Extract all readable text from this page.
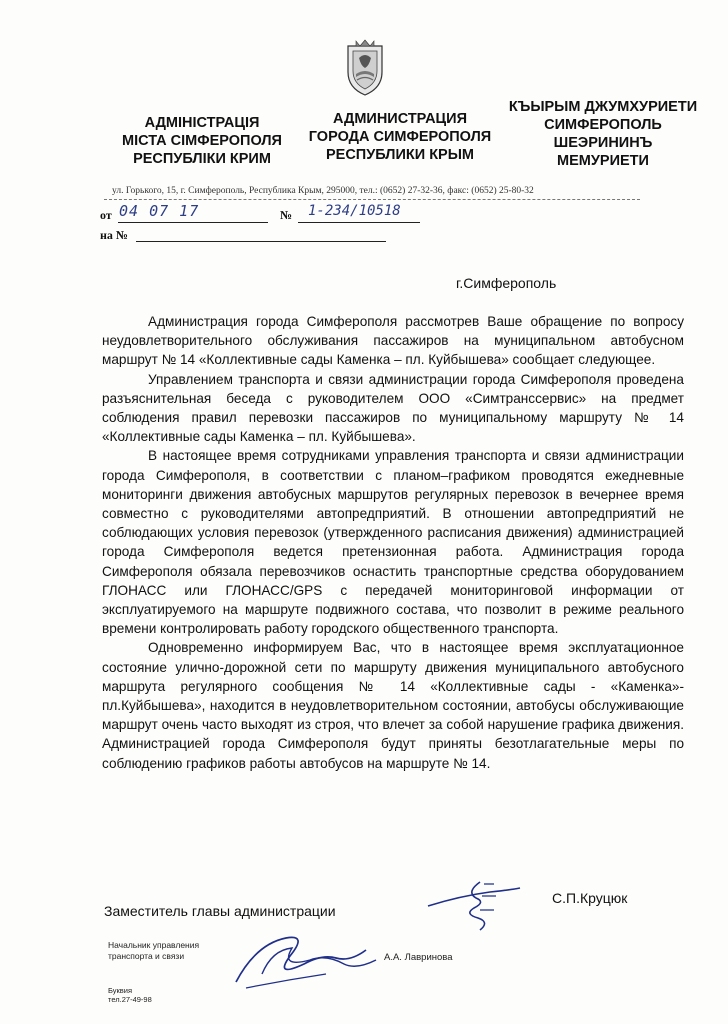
АДМІНІСТРАЦІЯ
МІСТА СІМФЕРОПОЛЯ
РЕСПУБЛІКИ КРИМ
АДМИНИСТРАЦИЯ
ГОРОДА СИМФЕРОПОЛЯ
РЕСПУБЛИКИ КРЫМ
КЪЫРЫМ ДЖУМХУРИЕТИ
СИМФЕРОПОЛЬ
ШЕЭРИНИНЪ
МЕМУРИЕТИ
ул. Горького, 15, г. Симферополь, Республика Крым, 295000, тел.: (0652) 27-32-36, факс: (0652) 25-80-32
от 04 07 17	№ 1-234/10518
на №
г.Симферополь

Администрация города Симферополя рассмотрев Ваше обращение по вопросу неудовлетворительного обслуживания пассажиров на муниципальном автобусном маршрут № 14 «Коллективные сады Каменка – пл. Куйбышева» сообщает следующее.

Управлением транспорта и связи администрации города Симферополя проведена разъяснительная беседа с руководителем ООО «Симтранссервис» на предмет соблюдения правил перевозки пассажиров по муниципальному маршруту № 14 «Коллективные сады Каменка – пл. Куйбышева».

В настоящее время сотрудниками управления транспорта и связи администрации города Симферополя, в соответствии с планом–графиком проводятся ежедневные мониторинги движения автобусных маршрутов регулярных перевозок в вечернее время совместно с руководителями автопредприятий. В отношении автопредприятий не соблюдающих условия перевозок (утвержденного расписания движения) администрацией города Симферополя ведется претензионная работа. Администрация города Симферополя обязала перевозчиков оснастить транспортные средства оборудованием ГЛОНАСС или ГЛОНАСС/GPS с передачей мониторинговой информации от эксплуатируемого на маршруте подвижного состава, что позволит в режиме реального времени контролировать работу городского общественного транспорта.

Одновременно информируем Вас, что в настоящее время эксплуатационное состояние улично-дорожной сети по маршруту движения муниципального автобусного маршрута регулярного сообщения № 14 «Коллективные сады - «Каменка»-пл.Куйбышева», находится в неудовлетворительном состоянии, автобусы обслуживающие маршрут очень часто выходят из строя, что влечет за собой нарушение графика движения. Администрацией города Симферополя будут приняты безотлагательные меры по соблюдению графиков работы автобусов на маршруте № 14.

Заместитель главы администрации
С.П.Круцюк
Начальник управления
транспорта и связи	А.А. Лавринова
Буквия
тел.27-49-98
